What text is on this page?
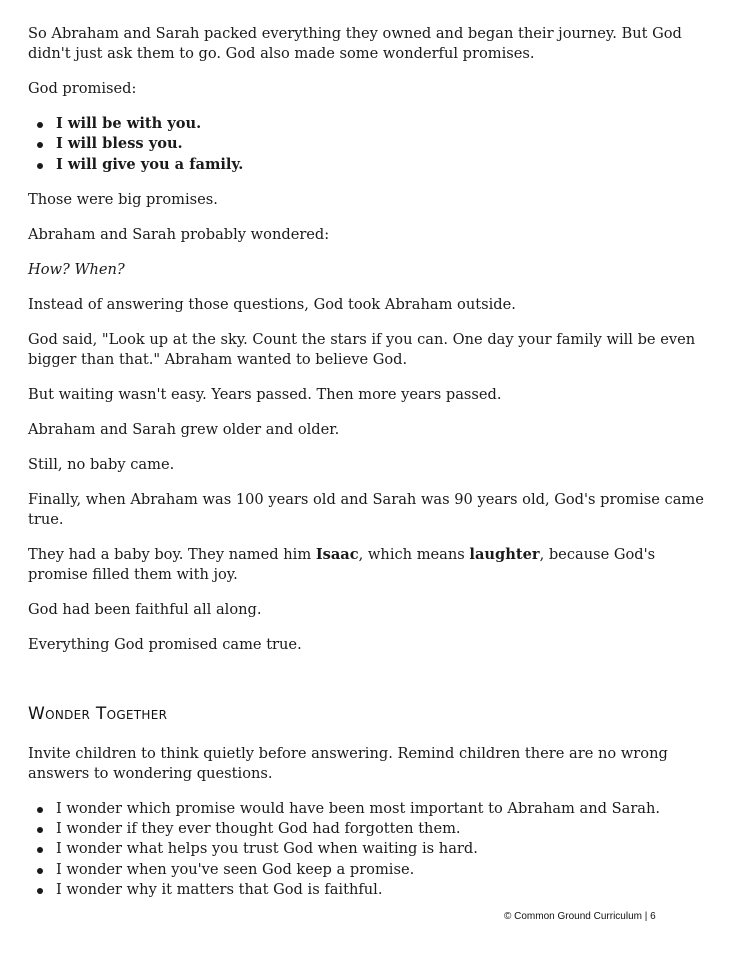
So Abraham and Sarah packed everything they owned and began their journey. But God didn't just ask them to go. God also made some wonderful promises.

God promised:

I will be with you.
I will bless you.
I will give you a family.

Those were big promises.

Abraham and Sarah probably wondered:

How? When?

Instead of answering those questions, God took Abraham outside.

God said, "Look up at the sky. Count the stars if you can. One day your family will be even bigger than that." Abraham wanted to believe God.

But waiting wasn't easy. Years passed. Then more years passed.

Abraham and Sarah grew older and older.

Still, no baby came.

Finally, when Abraham was 100 years old and Sarah was 90 years old, God's promise came true.

They had a baby boy. They named him Isaac, which means laughter, because God's promise filled them with joy.

God had been faithful all along.

Everything God promised came true.

Wonder Together

Invite children to think quietly before answering. Remind children there are no wrong answers to wondering questions.

I wonder which promise would have been most important to Abraham and Sarah.
I wonder if they ever thought God had forgotten them.
I wonder what helps you trust God when waiting is hard.
I wonder when you've seen God keep a promise.
I wonder why it matters that God is faithful.
© Common Ground Curriculum | 6
